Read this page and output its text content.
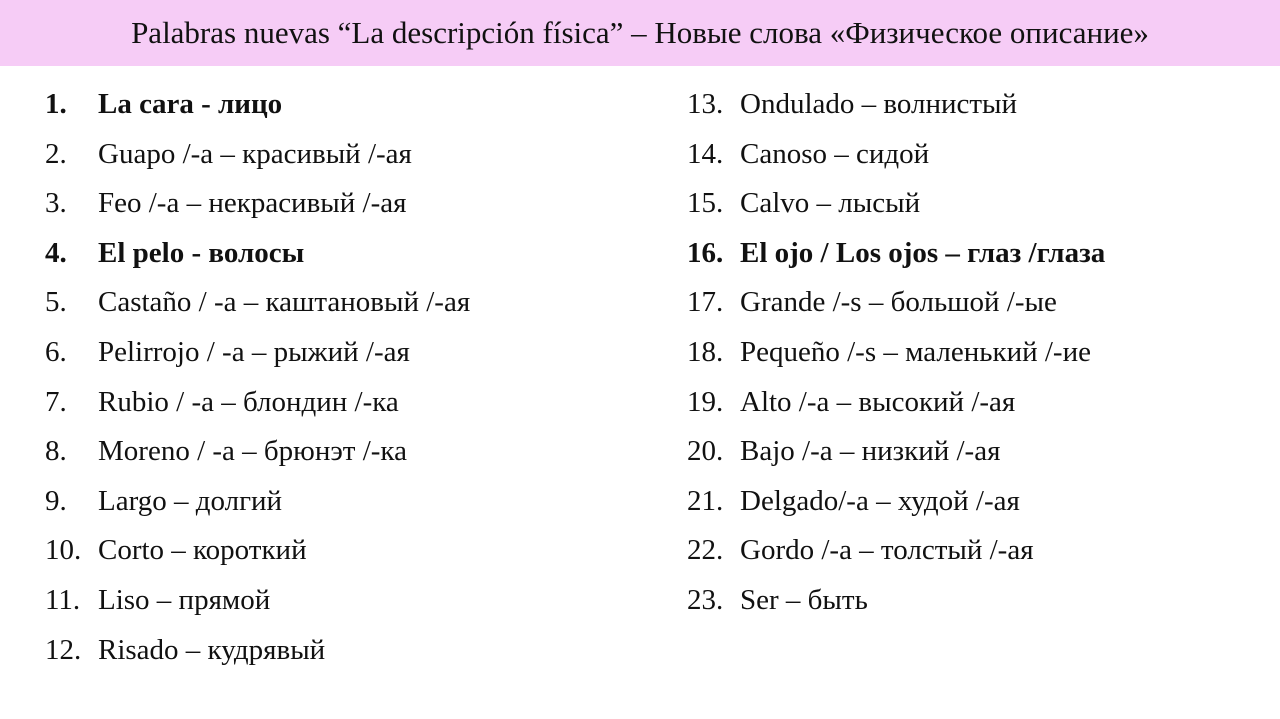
Palabras nuevas “La descripción física” – Новые слова «Физическое описание»
1.	La cara - лицо
2.	Guapo /-a – красивый /-ая
3.	Feo /-a – некрасивый /-ая
4.	El pelo - волосы
5.	Castaño / -a – каштановый /-ая
6.	Pelirrojo / -a – рыжий /-ая
7.	Rubio / -a – блондин /-ка
8.	Moreno / -a – брюнэт /-ка
9.	Largo – долгий
10. Corto – короткий
11. Liso – прямой
12. Risado – кудрявый
13. Ondulado – волнистый
14. Canoso – сидой
15. Calvo – лысый
16. El ojo / Los ojos – глаз /глаза
17. Grande /-s – большой /-ые
18. Pequeño /-s – маленький /-ие
19. Alto /-a – высокий /-ая
20. Bajo /-a – низкий /-ая
21. Delgado/-a – худой /-ая
22. Gordo /-a – толстый /-ая
23. Ser – быть
